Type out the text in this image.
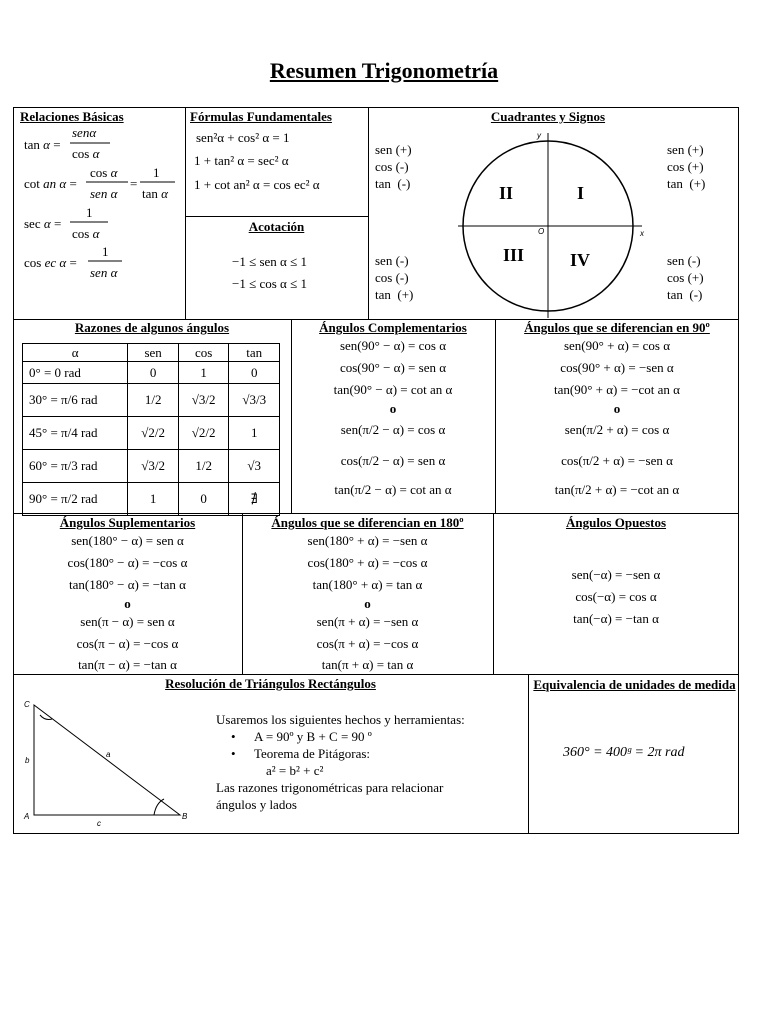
Resumen Trigonometría
Relaciones Básicas
tan α =
senα
cos α
cot an α =
cos α
sen α
=
1
tan α
sec α =
1
cos α
cos ec α =
1
sen α
Fórmulas Fundamentales
sen²α + cos² α = 1
1 + tan² α = sec² α
1 + cot an² α = cos ec² α
Acotación
−1 ≤ sen α ≤ 1
−1 ≤ cos α ≤ 1
Cuadrantes y Signos
sen (+)
cos (-)
tan  (-)
sen (+)
cos (+)
tan  (+)
sen (-)
cos (-)
tan  (+)
sen (-)
cos (+)
tan  (-)
x
y
O
II	I
III	IV
Razones de algunos ángulos
α	sen	cos	tan
0° = 0 rad	0	1	0
30° = π/6 rad	1/2	√3/2	√3/3
45° = π/4 rad	√2/2	√2/2	1
60° = π/3 rad	√3/2	1/2	√3
90° = π/2 rad	1	0	∄
Ángulos Complementarios
sen(90° − α) = cos α
cos(90° − α) = sen α
tan(90° − α) = cot an α
o
sen(π/2 − α) = cos α
cos(π/2 − α) = sen α
tan(π/2 − α) = cot an α
Ángulos que se diferencian en 90º
sen(90° + α) = cos α
cos(90° + α) = −sen α
tan(90° + α) = −cot an α
o
sen(π/2 + α) = cos α
cos(π/2 + α) = −sen α
tan(π/2 + α) = −cot an α
Ángulos Suplementarios	Ángulos que se diferencian en 180º	Ángulos Opuestos
sen(180° − α) = sen α
cos(180° − α) = −cos α
tan(180° − α) = −tan α
o
sen(π − α) = sen α
cos(π − α) = −cos α
tan(π − α) = −tan α
sen(180° + α) = −sen α
cos(180° + α) = −cos α
tan(180° + α) = tan α
o
sen(π + α) = −sen α
cos(π + α) = −cos α
tan(π + α) = tan α
sen(−α) = −sen α
cos(−α) = cos α
tan(−α) = −tan α
Resolución de Triángulos Rectángulos	Equivalencia de unidades de medida
C
A	B
b
c
a
Usaremos los siguientes hechos y herramientas:
• A = 90º y B + C = 90 º
• Teorema de Pitágoras:
a² = b² + c²
Las razones trigonométricas para relacionar
ángulos y lados
360° = 400ᵍ = 2π rad
